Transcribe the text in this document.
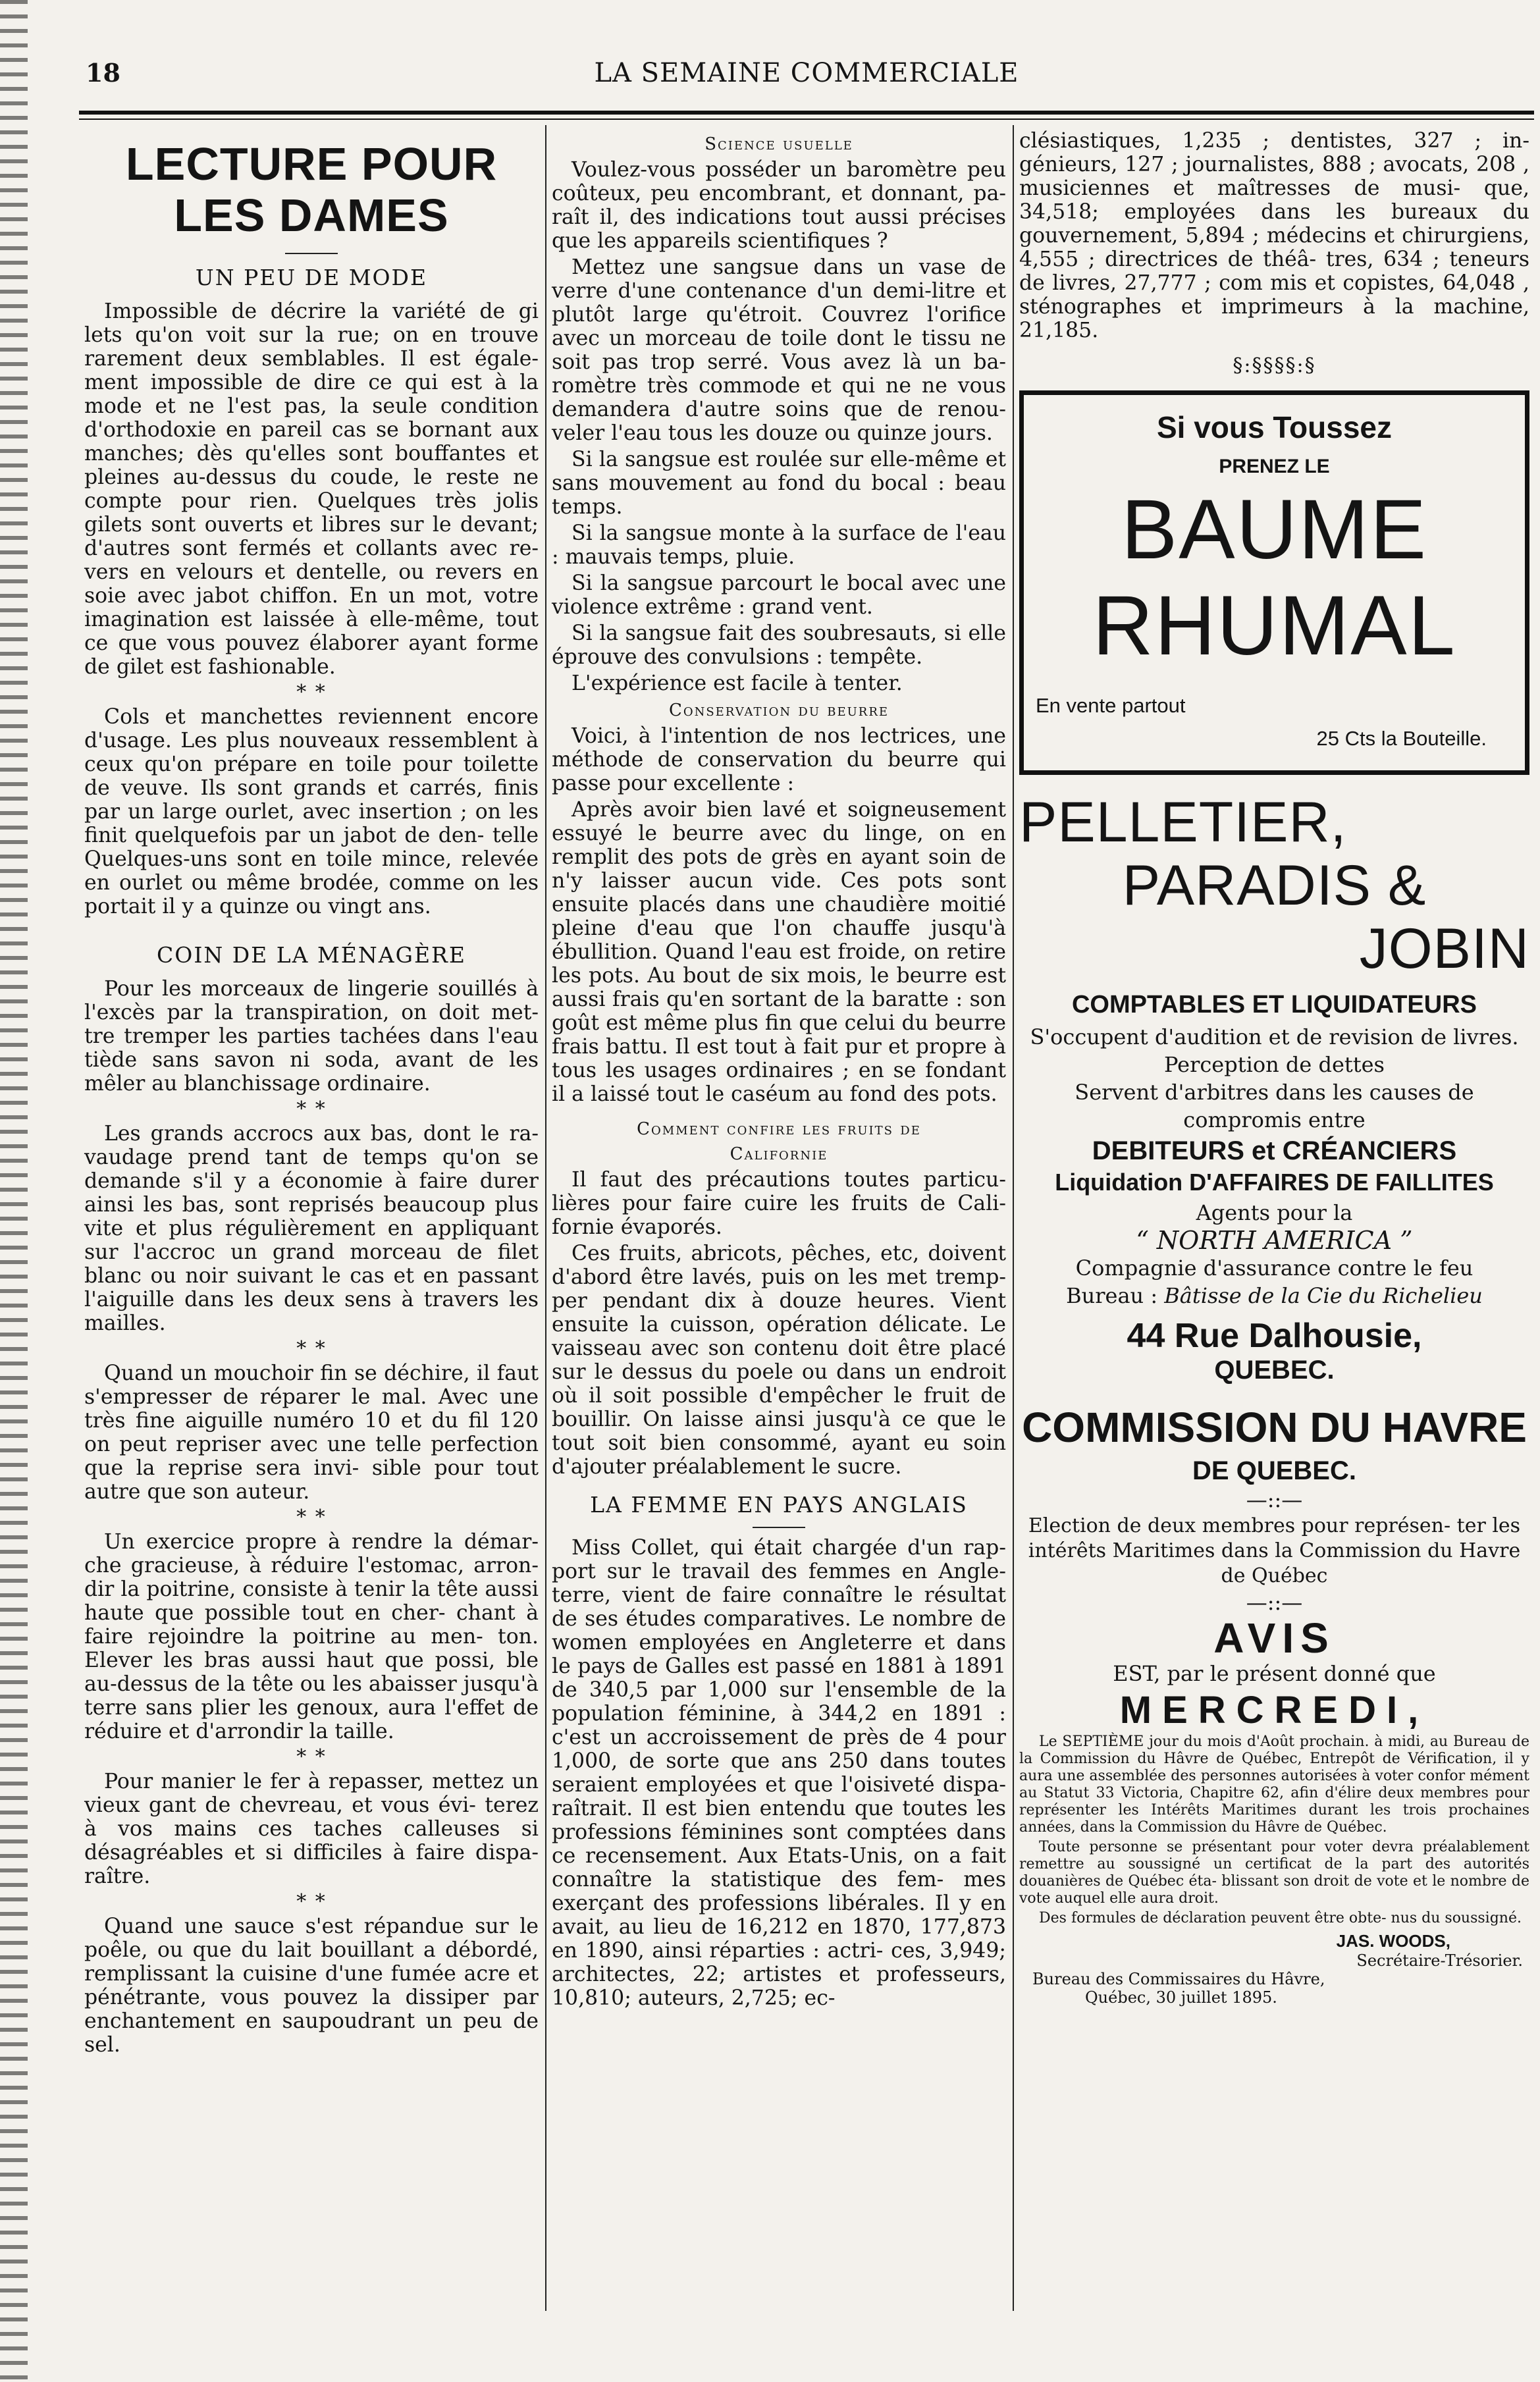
18	LA SEMAINE COMMERCIALE
LECTURE POUR LES DAMES
UN PEU DE MODE

Impossible de décrire la variété de gi lets qu'on voit sur la rue; on en trouve rarement deux semblables. Il est égale- ment impossible de dire ce qui est à la mode et ne l'est pas, la seule condition d'orthodoxie en pareil cas se bornant aux manches; dès qu'elles sont bouffantes et pleines au-dessus du coude, le reste ne compte pour rien. Quelques très jolis gilets sont ouverts et libres sur le devant; d'autres sont fermés et collants avec re- vers en velours et dentelle, ou revers en soie avec jabot chiffon. En un mot, votre imagination est laissée à elle-même, tout ce que vous pouvez élaborer ayant forme de gilet est fashionable.

* *

Cols et manchettes reviennent encore d'usage. Les plus nouveaux ressemblent à ceux qu'on prépare en toile pour toilette de veuve. Ils sont grands et carrés, finis par un large ourlet, avec insertion ; on les finit quelquefois par un jabot de den- telle Quelques-uns sont en toile mince, relevée en ourlet ou même brodée, comme on les portait il y a quinze ou vingt ans.

COIN DE LA MÉNAGÈRE

Pour les morceaux de lingerie souillés à l'excès par la transpiration, on doit met- tre tremper les parties tachées dans l'eau tiède sans savon ni soda, avant de les mêler au blanchissage ordinaire.

* *

Les grands accrocs aux bas, dont le ra- vaudage prend tant de temps qu'on se demande s'il y a économie à faire durer ainsi les bas, sont reprisés beaucoup plus vite et plus régulièrement en appliquant sur l'accroc un grand morceau de filet blanc ou noir suivant le cas et en passant l'aiguille dans les deux sens à travers les mailles.

* *

Quand un mouchoir fin se déchire, il faut s'empresser de réparer le mal. Avec une très fine aiguille numéro 10 et du fil 120 on peut repriser avec une telle perfection que la reprise sera invi- sible pour tout autre que son auteur.

* *

Un exercice propre à rendre la démar- che gracieuse, à réduire l'estomac, arron- dir la poitrine, consiste à tenir la tête aussi haute que possible tout en cher- chant à faire rejoindre la poitrine au men- ton. Elever les bras aussi haut que possi, ble au-dessus de la tête ou les abaisser jusqu'à terre sans plier les genoux, aura l'effet de réduire et d'arrondir la taille.

* *

Pour manier le fer à repasser, mettez un vieux gant de chevreau, et vous évi- terez à vos mains ces taches calleuses si désagréables et si difficiles à faire dispa- raître.

* *

Quand une sauce s'est répandue sur le poêle, ou que du lait bouillant a débordé, remplissant la cuisine d'une fumée acre et pénétrante, vous pouvez la dissiper par enchantement en saupoudrant un peu de sel.

Science usuelle

Voulez-vous posséder un baromètre peu coûteux, peu encombrant, et donnant, pa- raît il, des indications tout aussi précises que les appareils scientifiques ?

Mettez une sangsue dans un vase de verre d'une contenance d'un demi-litre et plutôt large qu'étroit. Couvrez l'orifice avec un morceau de toile dont le tissu ne soit pas trop serré. Vous avez là un ba- romètre très commode et qui ne ne vous demandera d'autre soins que de renou- veler l'eau tous les douze ou quinze jours.

Si la sangsue est roulée sur elle-même et sans mouvement au fond du bocal : beau temps.

Si la sangsue monte à la surface de l'eau : mauvais temps, pluie.

Si la sangsue parcourt le bocal avec une violence extrême : grand vent.

Si la sangsue fait des soubresauts, si elle éprouve des convulsions : tempête.

L'expérience est facile à tenter.

Conservation du beurre

Voici, à l'intention de nos lectrices, une méthode de conservation du beurre qui passe pour excellente :

Après avoir bien lavé et soigneusement essuyé le beurre avec du linge, on en remplit des pots de grès en ayant soin de n'y laisser aucun vide. Ces pots sont ensuite placés dans une chaudière moitié pleine d'eau que l'on chauffe jusqu'à ébullition. Quand l'eau est froide, on retire les pots. Au bout de six mois, le beurre est aussi frais qu'en sortant de la baratte : son goût est même plus fin que celui du beurre frais battu. Il est tout à fait pur et propre à tous les usages ordinaires ; en se fondant il a laissé tout le caséum au fond des pots.

Comment confire les fruits de
Californie

Il faut des précautions toutes particu- lières pour faire cuire les fruits de Cali- fornie évaporés.

Ces fruits, abricots, pêches, etc, doivent d'abord être lavés, puis on les met tremp- per pendant dix à douze heures. Vient ensuite la cuisson, opération délicate. Le vaisseau avec son contenu doit être placé sur le dessus du poele ou dans un endroit où il soit possible d'empêcher le fruit de bouillir. On laisse ainsi jusqu'à ce que le tout soit bien consommé, ayant eu soin d'ajouter préalablement le sucre.

LA FEMME EN PAYS ANGLAIS

Miss Collet, qui était chargée d'un rap- port sur le travail des femmes en Angle- terre, vient de faire connaître le résultat de ses études comparatives. Le nombre de women employées en Angleterre et dans le pays de Galles est passé en 1881 à 1891 de 340,5 par 1,000 sur l'ensemble de la population féminine, à 344,2 en 1891 : c'est un accroissement de près de 4 pour 1,000, de sorte que ans 250 dans toutes seraient employées et que l'oisiveté dispa- raîtrait. Il est bien entendu que toutes les professions féminines sont comptées dans ce recensement. Aux Etats-Unis, on a fait connaître la statistique des fem- mes exerçant des professions libérales. Il y en avait, au lieu de 16,212 en 1870, 177,873 en 1890, ainsi réparties : actri- ces, 3,949; architectes, 22; artistes et professeurs, 10,810; auteurs, 2,725; ec-

clésiastiques, 1,235 ; dentistes, 327 ; in- génieurs, 127 ; journalistes, 888 ; avocats, 208 , musiciennes et maîtresses de musi- que, 34,518; employées dans les bureaux du gouvernement, 5,894 ; médecins et chirurgiens, 4,555 ; directrices de théâ- tres, 634 ; teneurs de livres, 27,777 ; com mis et copistes, 64,048 , sténographes et imprimeurs à la machine, 21,185.

§:§§§§:§
Si vous Toussez
PRENEZ LE
BAUME
RHUMAL
En vente partout
25 Cts la Bouteille.
PELLETIER,
PARADIS &
JOBIN
COMPTABLES ET LIQUIDATEURS
S'occupent d'audition et de revision de livres.
Perception de dettes
Servent d'arbitres dans les causes de compromis entre
DEBITEURS et CRÉANCIERS
Liquidation D'AFFAIRES DE FAILLITES
Agents pour la
“ NORTH AMERICA ”
Compagnie d'assurance contre le feu
Bureau : Bâtisse de la Cie du Richelieu
44 Rue Dalhousie,
QUEBEC.
COMMISSION DU HAVRE
DE QUEBEC.
—::—
Election de deux membres pour représen- ter les intérêts Maritimes dans la Commission du Havre de Québec
—::—
AVIS
EST, par le présent donné que
MERCREDI,

Le SEPTIÈME jour du mois d'Août prochain. à midi, au Bureau de la Commission du Hâvre de Québec, Entrepôt de Vérification, il y aura une assemblée des personnes autorisées à voter confor mément au Statut 33 Victoria, Chapitre 62, afin d'élire deux membres pour représenter les Intérêts Maritimes durant les trois prochaines années, dans la Commission du Hâvre de Québec.

Toute personne se présentant pour voter devra préalablement remettre au soussigné un certificat de la part des autorités douanières de Québec éta- blissant son droit de vote et le nombre de vote auquel elle aura droit.

Des formules de déclaration peuvent être obte- nus du soussigné.

JAS. WOODS,
Secrétaire-Trésorier.
Bureau des Commissaires du Hâvre,
Québec, 30 juillet 1895.
